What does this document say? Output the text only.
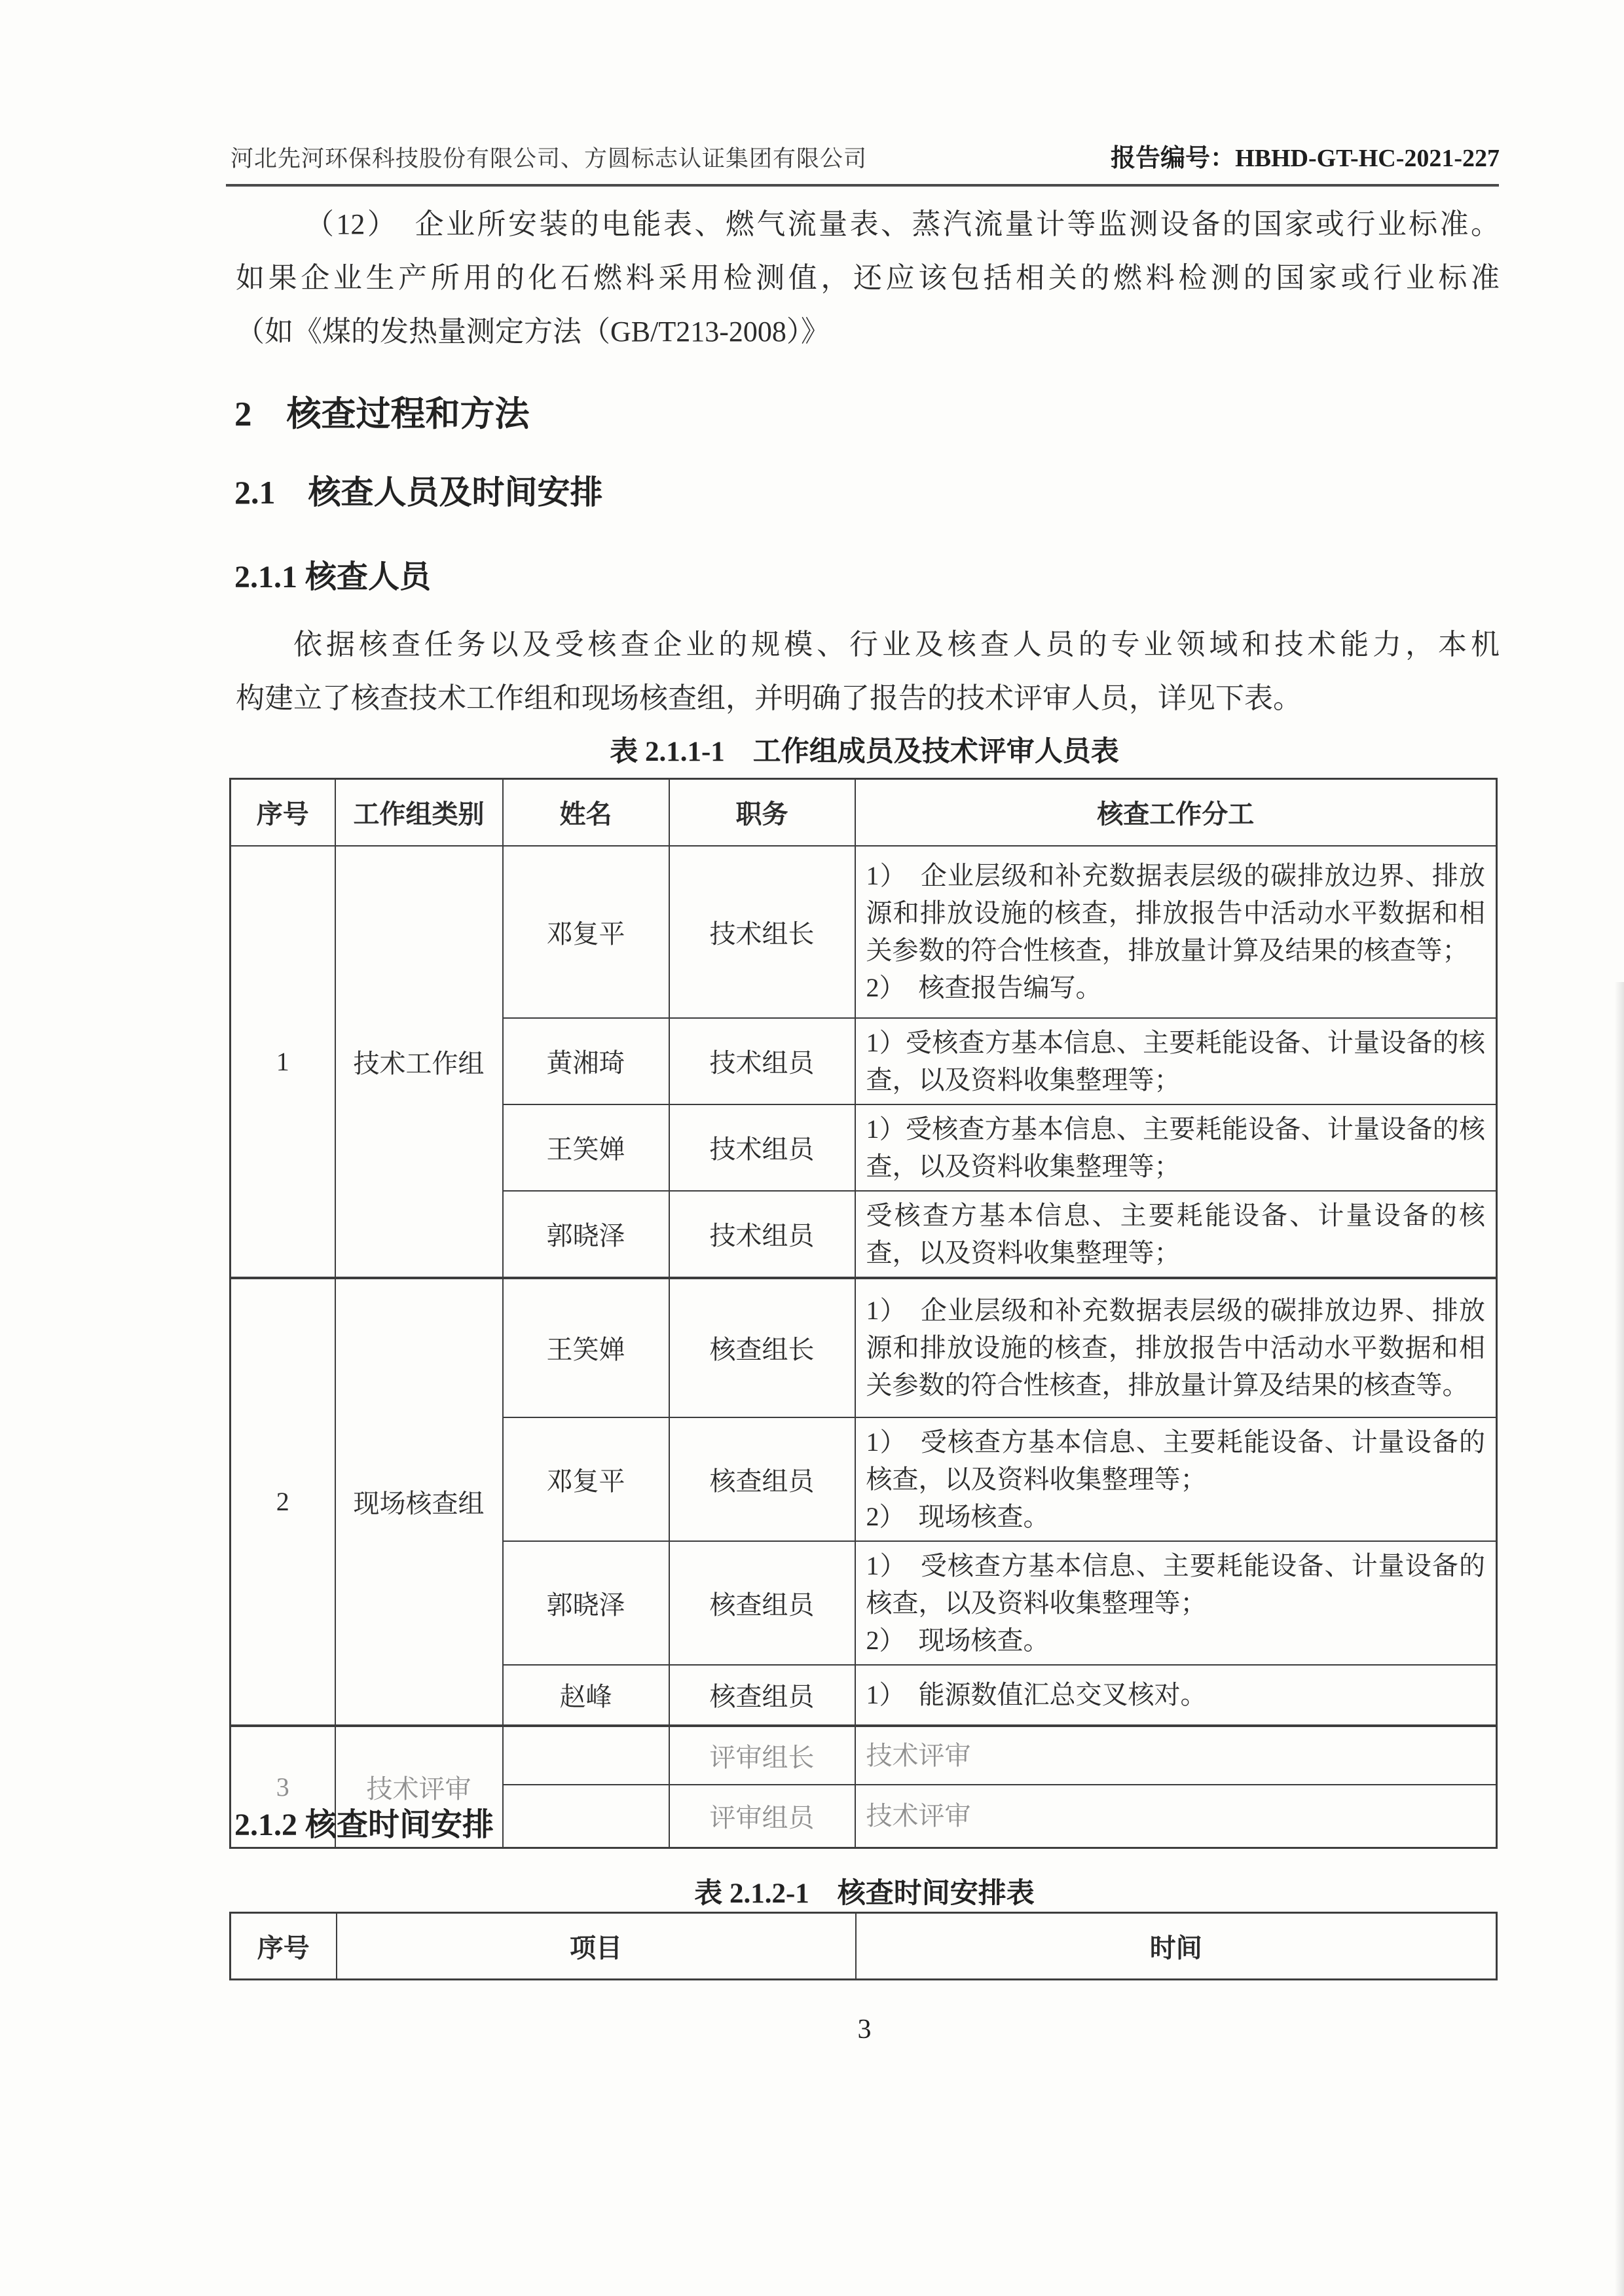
河北先河环保科技股份有限公司、方圆标志认证集团有限公司	报告编号：HBHD-GT-HC-2021-227
（12）　企业所安装的电能表、燃气流量表、蒸汽流量计等监测设备的国家或行业标准。
如果企业生产所用的化石燃料采用检测值，还应该包括相关的燃料检测的国家或行业标准
（如《煤的发热量测定方法（GB/T213-2008）》
2　核查过程和方法
2.1　核查人员及时间安排
2.1.1 核查人员
依据核查任务以及受核查企业的规模、行业及核查人员的专业领域和技术能力，本机
构建立了核查技术工作组和现场核查组，并明确了报告的技术评审人员，详见下表。
表 2.1.1-1　工作组成员及技术评审人员表
序号	工作组类别	姓名	职务	核查工作分工
1	技术工作组	邓复平	技术组长	1）　企业层级和补充数据表层级的碳排放边界、排放源和排放设施的核查，排放报告中活动水平数据和相关参数的符合性核查，排放量计算及结果的核查等；
2）　核查报告编写。

		黄湘琦	技术组员	1）受核查方基本信息、主要耗能设备、计量设备的核查，以及资料收集整理等；

		王笑婵	技术组员	1）受核查方基本信息、主要耗能设备、计量设备的核查，以及资料收集整理等；

		郭晓泽	技术组员	受核查方基本信息、主要耗能设备、计量设备的核查，以及资料收集整理等；

2	现场核查组	王笑婵	核查组长	1）　企业层级和补充数据表层级的碳排放边界、排放源和排放设施的核查，排放报告中活动水平数据和相关参数的符合性核查，排放量计算及结果的核查等。

		邓复平	核查组员	1）　受核查方基本信息、主要耗能设备、计量设备的核查，以及资料收集整理等；
2）　现场核查。

		郭晓泽	核查组员	1）　受核查方基本信息、主要耗能设备、计量设备的核查，以及资料收集整理等；
2）　现场核查。

		赵峰	核查组员	1）　能源数值汇总交叉核对。

3	技术评审		评审组长	技术评审

			评审组员	技术评审
2.1.2 核查时间安排
表 2.1.2-1　核查时间安排表
序号	项目	时间
3
